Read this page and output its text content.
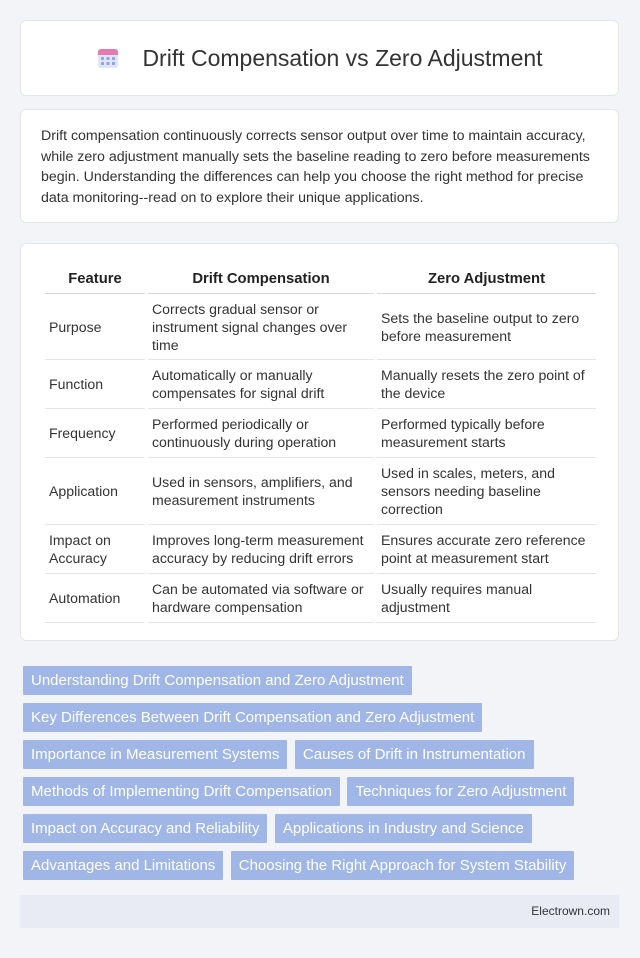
Drift Compensation vs Zero Adjustment

Drift compensation continuously corrects sensor output over time to maintain accuracy, while zero adjustment manually sets the baseline reading to zero before measurements begin. Understanding the differences can help you choose the right method for precise data monitoring--read on to explore their unique applications.

Feature	Drift Compensation	Zero Adjustment
Purpose	Corrects gradual sensor or instrument signal changes over time	Sets the baseline output to zero before measurement
Function	Automatically or manually compensates for signal drift	Manually resets the zero point of the device
Frequency	Performed periodically or continuously during operation	Performed typically before measurement starts
Application	Used in sensors, amplifiers, and measurement instruments	Used in scales, meters, and sensors needing baseline correction
Impact on Accuracy	Improves long-term measurement accuracy by reducing drift errors	Ensures accurate zero reference point at measurement start
Automation	Can be automated via software or hardware compensation	Usually requires manual adjustment
Understanding Drift Compensation and Zero Adjustment
Key Differences Between Drift Compensation and Zero Adjustment
Importance in Measurement Systems Causes of Drift in Instrumentation
Methods of Implementing Drift Compensation Techniques for Zero Adjustment
Impact on Accuracy and Reliability Applications in Industry and Science
Advantages and Limitations Choosing the Right Approach for System Stability
Electrown.com
